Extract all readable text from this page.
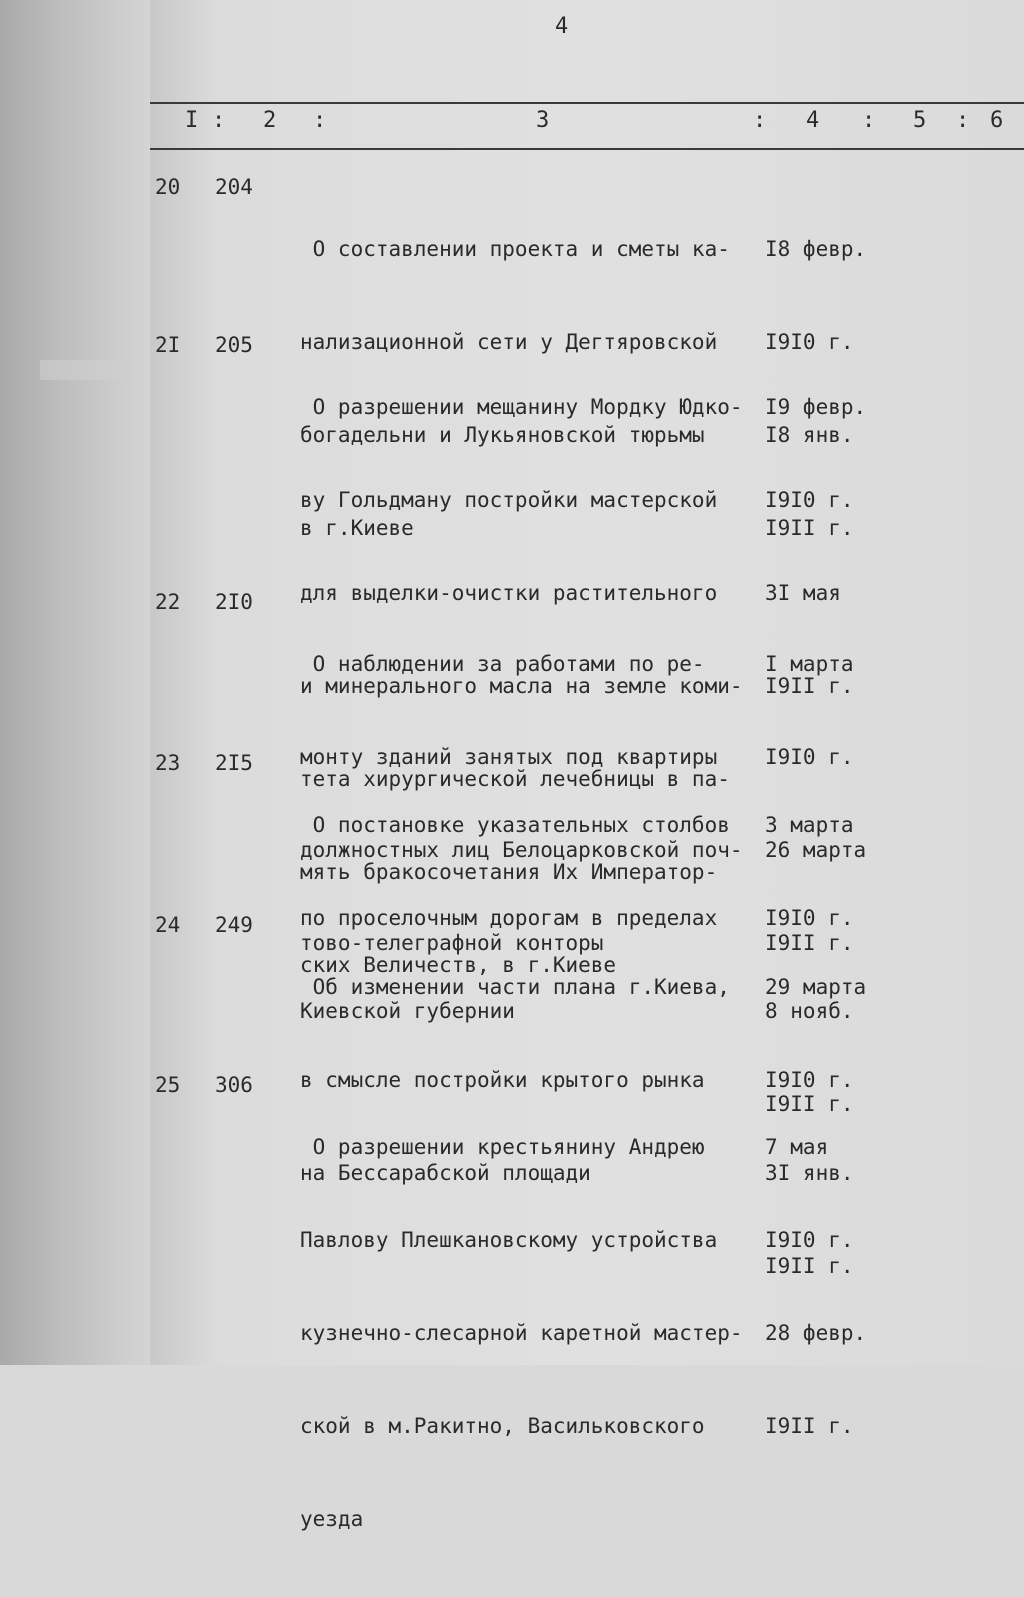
4
I : 2 :	3	: 4 : 5 : 6
20 204

О составлении проекта и сметы ка-

нализационной сети у Дегтяровской

богадельни и Лукьяновской тюрьмы

в г.Киеве

I8 февр.

I9I0 г.

I8 янв.

I9II г.

2I 205

О разрешении мещанину Мордку Юдко-

ву Гольдману постройки мастерской

для выделки-очистки растительного

и минерального масла на земле коми-

тета хирургической лечебницы в па-

мять бракосочетания Их Император-

ских Величеств, в г.Киеве

I9 февр.

I9I0 г.

3I мая

I9II г.

22 2I0

О наблюдении за работами по ре-

монту зданий занятых под квартиры

должностных лиц Белоцарковской поч-

тово-телеграфной конторы

I марта

I9I0 г.

26 марта

I9II г.

23 2I5

О постановке указательных столбов

по проселочным дорогам в пределах

Киевской губернии

3 марта

I9I0 г.

8 нояб.

I9II г.

24 249

Об изменении части плана г.Киева,

в смысле постройки крытого рынка

на Бессарабской площади

29 марта

I9I0 г.

3I янв.

I9II г.

25 306

О разрешении крестьянину Андрею

Павлову Плешкановскому устройства

кузнечно-слесарной каретной мастер-

ской в м.Ракитно, Васильковского

уезда

7 мая

I9I0 г.

28 февр.

I9II г.
